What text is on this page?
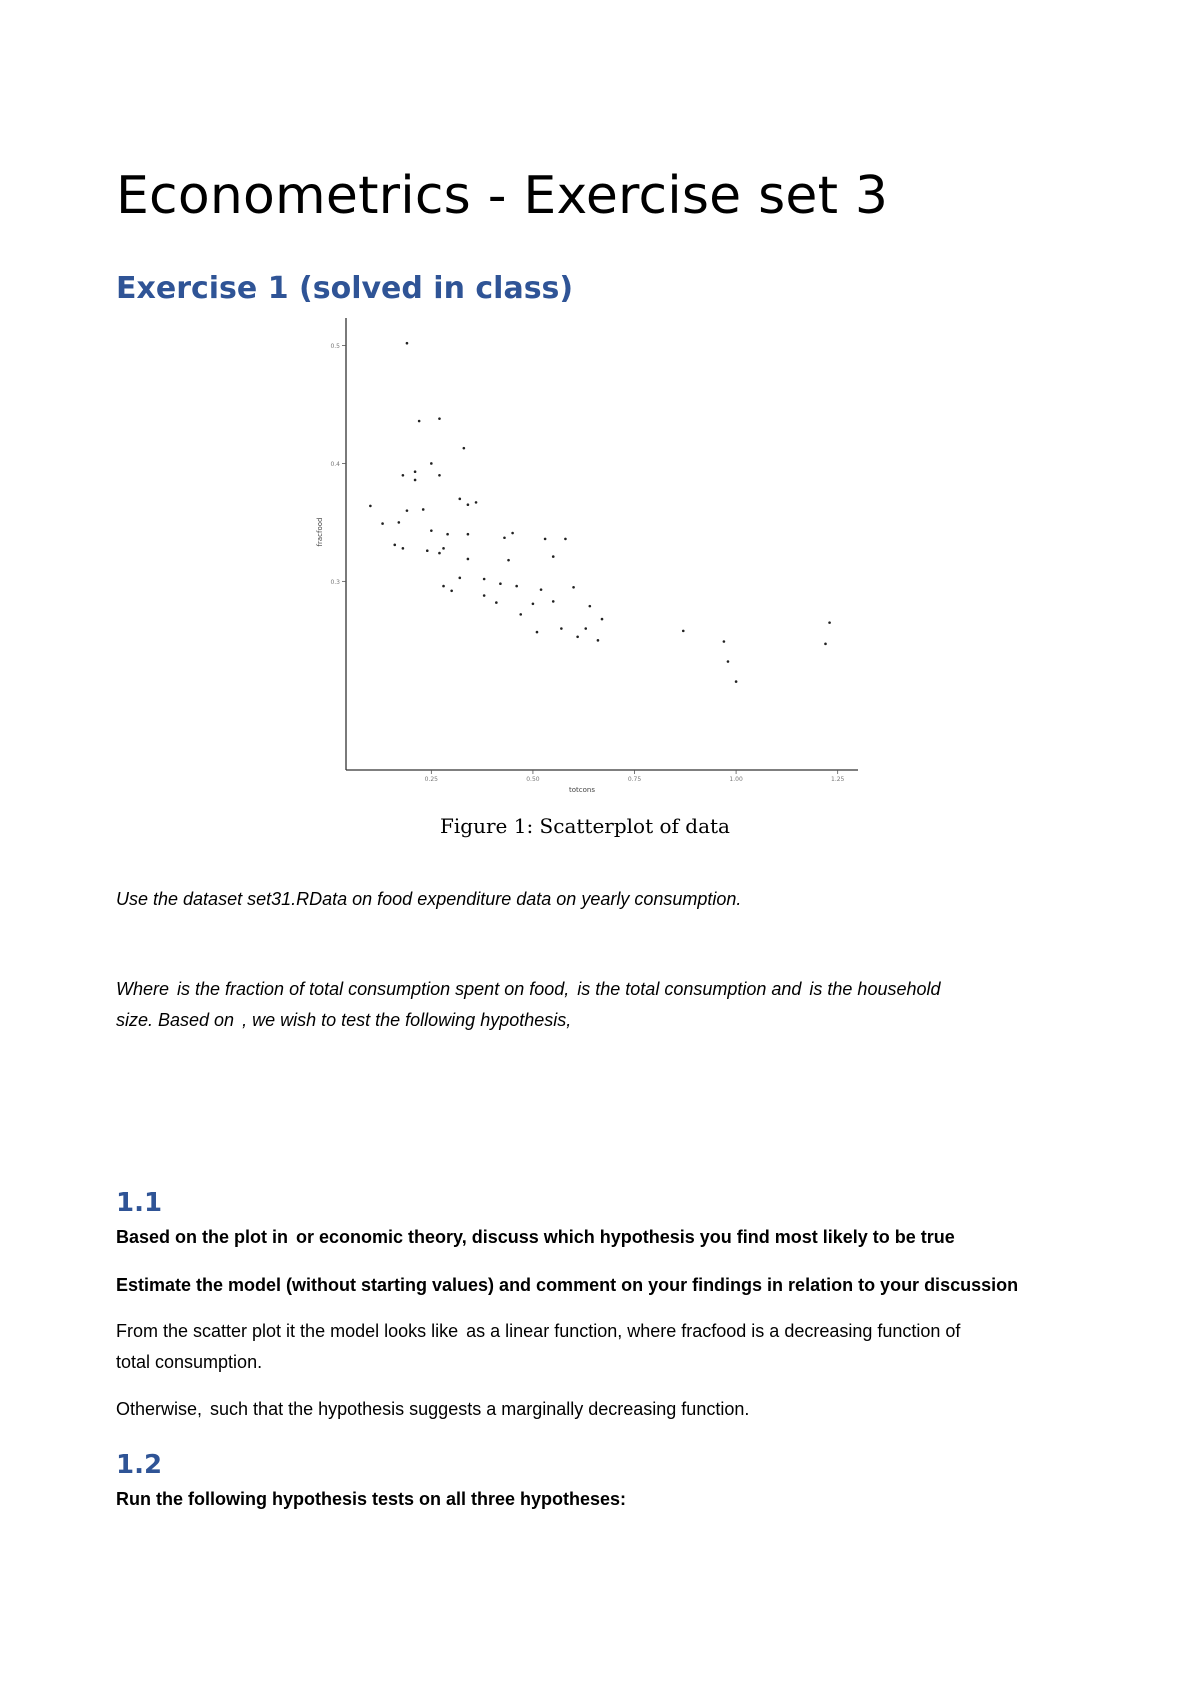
Econometrics - Exercise set 3
Exercise 1 (solved in class)
0.3
0.4
0.5
0.25	0.50	0.75	1.00	1.25
totcons
fracfood
Figure 1: Scatterplot of data

Use the dataset set31.RData on food expenditure data on yearly consumption.

Where is the fraction of total consumption spent on food, is the total consumption and is the household
size. Based on , we wish to test the following hypothesis,

1.1

Based on the plot in or economic theory, discuss which hypothesis you find most likely to be true

Estimate the model (without starting values) and comment on your findings in relation to your discussion

From the scatter plot it the model looks like as a linear function, where fracfood is a decreasing function of
total consumption.

Otherwise, such that the hypothesis suggests a marginally decreasing function.

1.2

Run the following hypothesis tests on all three hypotheses:
